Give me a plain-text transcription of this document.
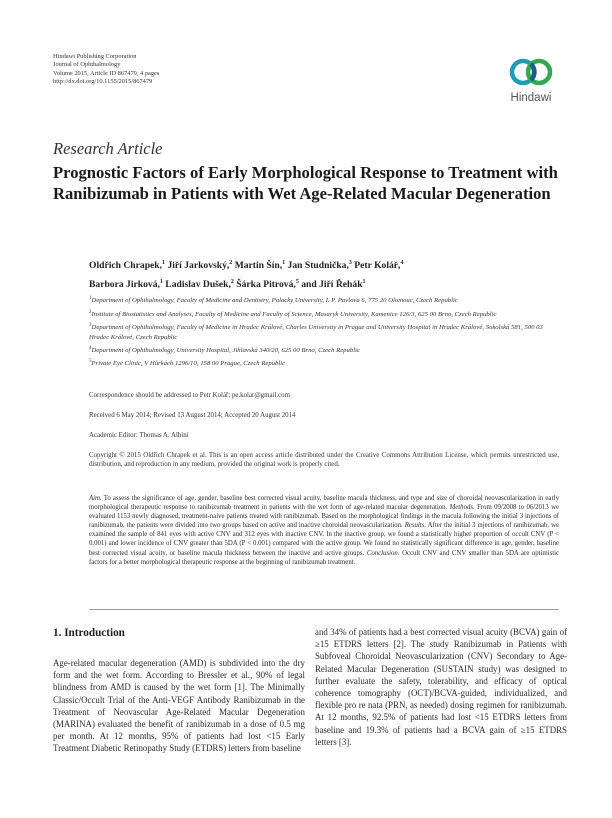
Hindawi Publishing Corporation
Journal of Ophthalmology
Volume 2015, Article ID 867479, 4 pages
http://dx.doi.org/10.1155/2015/867479
Hindawi
Research Article
Prognostic Factors of Early Morphological Response to Treatment with Ranibizumab in Patients with Wet Age-Related Macular Degeneration
Oldřich Chrapek,$^1$ Jiří Jarkovský,$^2$ Martin Šín,$^1$ Jan Studnička,$^3$ Petr Kolář,$^4$
Barbora Jirková,$^1$ Ladislav Dušek,$^2$ Šárka Pitrová,$^5$ and Jiří Řehák$^1$
$^1$Department of Ophthalmology, Faculty of Medicine and Dentistry, Palacky University, I. P. Pavlova 6, 775 20 Olomouc, Czech Republic
$^2$Institute of Biostatistics and Analyses, Faculty of Medicine and Faculty of Science, Masaryk University, Kamenice 126/3, 625 00 Brno, Czech Republic
$^3$Department of Ophthalmology, Faculty of Medicine in Hradec Králové, Charles University in Prague and University Hospital in Hradec Králové, Sokolská 581, 500 03 Hradec Králové, Czech Republic
$^4$Department of Ophthalmology, University Hospital, Jihlavská 340/20, 625 00 Brno, Czech Republic
$^5$Private Eye Clinic, V Hůrkách 1296/10, 158 00 Prague, Czech Republic
Correspondence should be addressed to Petr Kolář; pe.kolar@gmail.com
Received 6 May 2014; Revised 13 August 2014; Accepted 20 August 2014
Academic Editor: Thomas A. Albini
Copyright © 2015 Oldřich Chrapek et al. This is an open access article distributed under the Creative Commons Attribution License, which permits unrestricted use, distribution, and reproduction in any medium, provided the original work is properly cited.
Aim. To assess the significance of age, gender, baseline best corrected visual acuity, baseline macula thickness, and type and size of choroidal neovascularization in early morphological therapeutic response to ranibizumab treatment in patients with the wet form of age-related macular degeneration. Methods. From 09/2008 to 06/2013 we evaluated 1153 newly diagnosed, treatment-naive patients treated with ranibizumab. Based on the morphological findings in the macula following the initial 3 injections of ranibizumab, the patients were divided into two groups based on active and inactive choroidal neovascularization. Results. After the initial 3 injections of ranibizumab, we examined the sample of 841 eyes with active CNV and 312 eyes with inactive CNV. In the inactive group, we found a statistically higher proportion of occult CNV (P < 0.001) and lower incidence of CNV greater than 5DA (P < 0.001) compared with the active group. We found no statistically significant difference in age, gender, baseline best corrected visual acuity, or baseline macula thickness between the inactive and active groups. Conclusion. Occult CNV and CNV smaller than 5DA are optimistic factors for a better morphological therapeutic response at the beginning of ranibizumab treatment.
1. Introduction
Age-related macular degeneration (AMD) is subdivided into the dry form and the wet form. According to Bressler et al., 90% of legal blindness from AMD is caused by the wet form [1]. The Minimally Classic/Occult Trial of the Anti-VEGF Antibody Ranibizumab in the Treatment of Neovascular Age-Related Macular Degeneration (MARINA) evaluated the benefit of ranibizumab in a dose of 0.5 mg per month. At 12 months, 95% of patients had lost <15 Early Treatment Diabetic Retinopathy Study (ETDRS) letters from baseline
and 34% of patients had a best corrected visual acuity (BCVA) gain of ≥15 ETDRS letters [2]. The study Ranibizumab in Patients with Subfoveal Choroidal Neovascularization (CNV) Secondary to Age-Related Macular Degeneration (SUSTAIN study) was designed to further evaluate the safety, tolerability, and efficacy of optical coherence tomography (OCT)/BCVA-guided, individualized, and flexible pro re nata (PRN, as needed) dosing regimen for ranibizumab. At 12 months, 92.5% of patients had lost <15 ETDRS letters from baseline and 19.3% of patients had a BCVA gain of ≥15 ETDRS letters [3].
